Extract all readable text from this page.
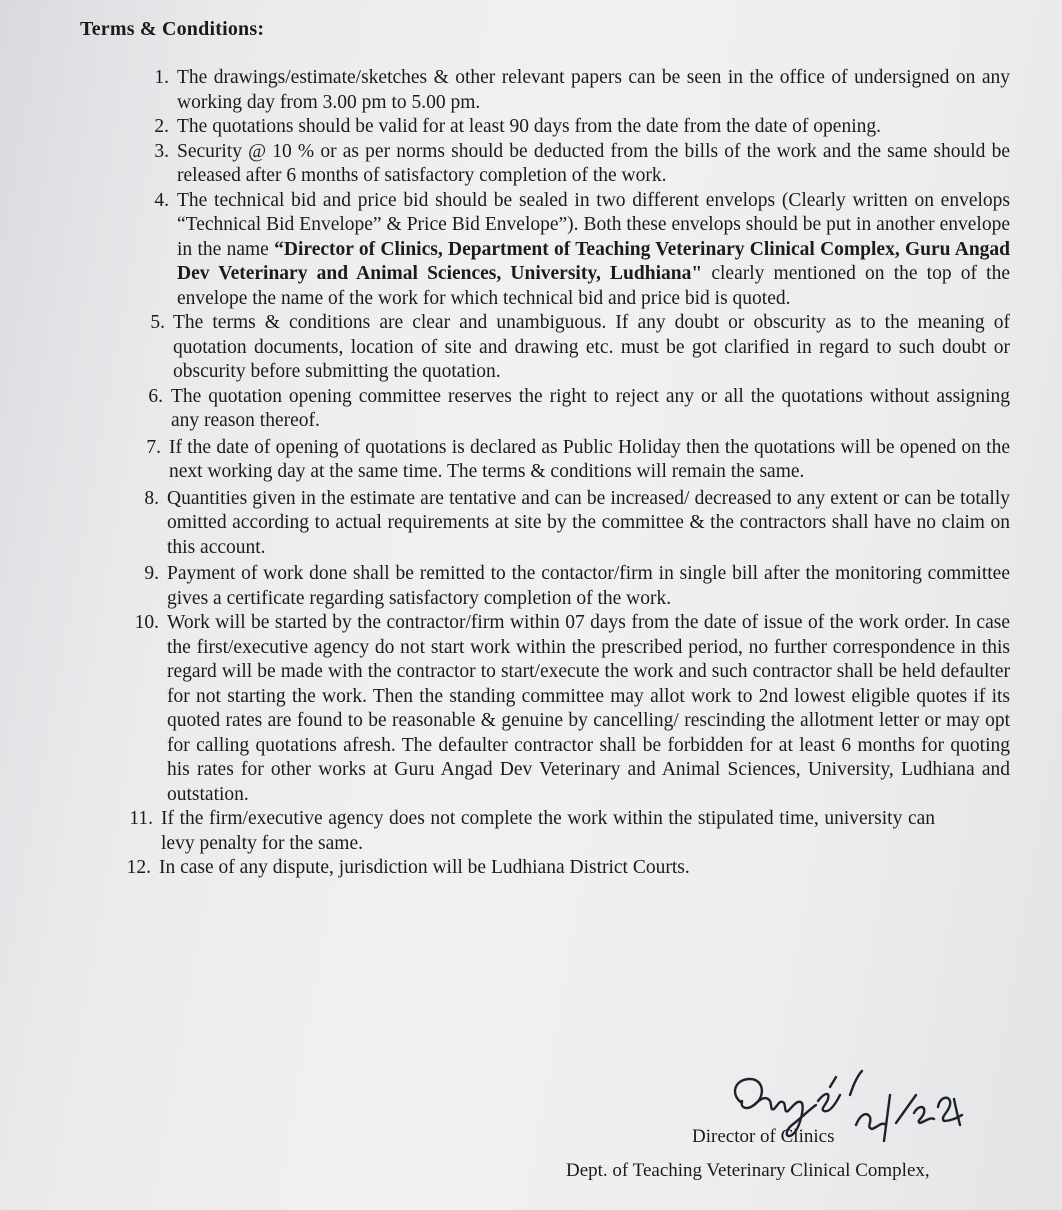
Terms & Conditions:
1. The drawings/estimate/sketches & other relevant papers can be seen in the office of undersigned on any working day from 3.00 pm to 5.00 pm.
2. The quotations should be valid for at least 90 days from the date from the date of opening.
3. Security @ 10 % or as per norms should be deducted from the bills of the work and the same should be released after 6 months of satisfactory completion of the work.
4. The technical bid and price bid should be sealed in two different envelops (Clearly written on envelops “Technical Bid Envelope” & Price Bid Envelope”). Both these envelops should be put in another envelope in the name “Director of Clinics, Department of Teaching Veterinary Clinical Complex, Guru Angad Dev Veterinary and Animal Sciences, University, Ludhiana" clearly mentioned on the top of the envelope the name of the work for which technical bid and price bid is quoted.
5. The terms & conditions are clear and unambiguous. If any doubt or obscurity as to the meaning of quotation documents, location of site and drawing etc. must be got clarified in regard to such doubt or obscurity before submitting the quotation.
6. The quotation opening committee reserves the right to reject any or all the quotations without assigning any reason thereof.
7. If the date of opening of quotations is declared as Public Holiday then the quotations will be opened on the next working day at the same time. The terms & conditions will remain the same.
8. Quantities given in the estimate are tentative and can be increased/ decreased to any extent or can be totally omitted according to actual requirements at site by the committee & the contractors shall have no claim on this account.
9. Payment of work done shall be remitted to the contactor/firm in single bill after the monitoring committee gives a certificate regarding satisfactory completion of the work.
10. Work will be started by the contractor/firm within 07 days from the date of issue of the work order. In case the first/executive agency do not start work within the prescribed period, no further correspondence in this regard will be made with the contractor to start/execute the work and such contractor shall be held defaulter for not starting the work. Then the standing committee may allot work to 2nd lowest eligible quotes if its quoted rates are found to be reasonable & genuine by cancelling/ rescinding the allotment letter or may opt for calling quotations afresh. The defaulter contractor shall be forbidden for at least 6 months for quoting his rates for other works at Guru Angad Dev Veterinary and Animal Sciences, University, Ludhiana and outstation.
11. If the firm/executive agency does not complete the work within the stipulated time, university can levy penalty for the same.
12. In case of any dispute, jurisdiction will be Ludhiana District Courts.
Director of Clinics
Dept. of Teaching Veterinary Clinical Complex,
